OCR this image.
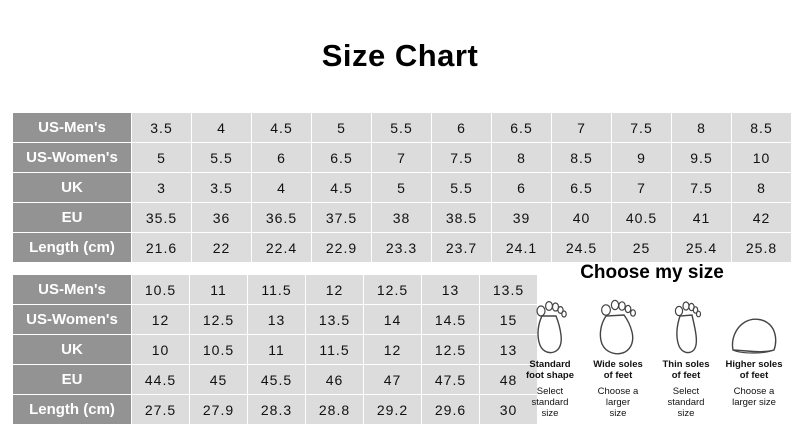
Size Chart
US-Men's	3.5	4	4.5	5	5.5	6	6.5	7	7.5	8	8.5
US-Women's	5	5.5	6	6.5	7	7.5	8	8.5	9	9.5	10
UK	3	3.5	4	4.5	5	5.5	6	6.5	7	7.5	8
EU	35.5	36	36.5	37.5	38	38.5	39	40	40.5	41	42
Length (cm)	21.6	22	22.4	22.9	23.3	23.7	24.1	24.5	25	25.4	25.8
US-Men's	10.5	11	11.5	12	12.5	13	13.5
US-Women's	12	12.5	13	13.5	14	14.5	15
UK	10	10.5	11	11.5	12	12.5	13
EU	44.5	45	45.5	46	47	47.5	48
Length (cm)	27.5	27.9	28.3	28.8	29.2	29.6	30
Choose my size
Standard
foot shape
Wide soles
of feet
Thin soles
of feet
Higher soles
of feet
Select standard
size
Choose a larger
size
Select standard
size
Choose a
larger size
